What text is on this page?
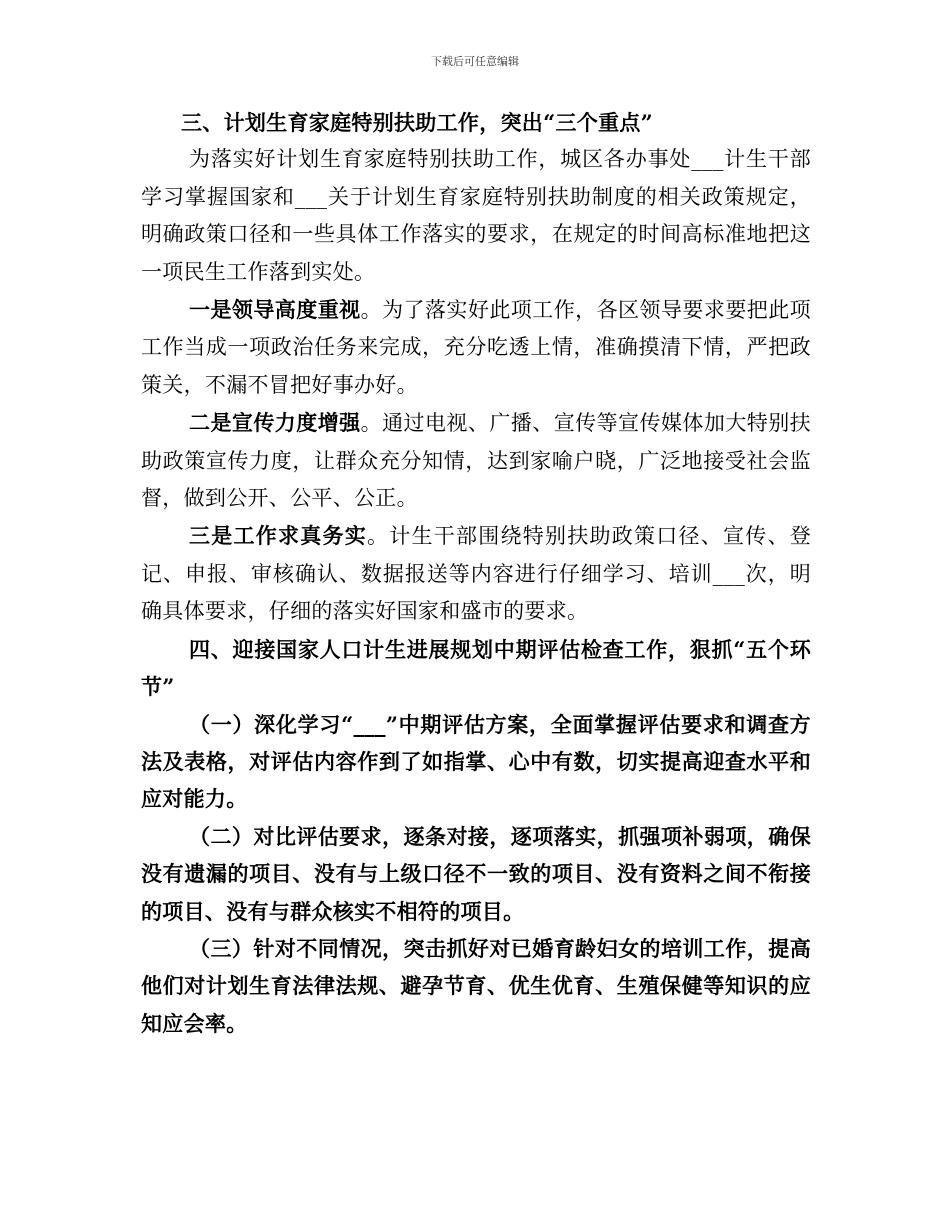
下载后可任意编辑

三、计划生育家庭特别扶助工作，突出“三个重点”

为落实好计划生育家庭特别扶助工作，城区各办事处___计生干部学习掌握国家和___关于计划生育家庭特别扶助制度的相关政策规定，明确政策口径和一些具体工作落实的要求，在规定的时间高标准地把这一项民生工作落到实处。

一是领导高度重视。为了落实好此项工作，各区领导要求要把此项工作当成一项政治任务来完成，充分吃透上情，准确摸清下情，严把政策关，不漏不冒把好事办好。

二是宣传力度增强。通过电视、广播、宣传等宣传媒体加大特别扶助政策宣传力度，让群众充分知情，达到家喻户晓，广泛地接受社会监督，做到公开、公平、公正。

三是工作求真务实。计生干部围绕特别扶助政策口径、宣传、登记、申报、审核确认、数据报送等内容进行仔细学习、培训___次，明确具体要求，仔细的落实好国家和盛市的要求。

四、迎接国家人口计生进展规划中期评估检查工作，狠抓“五个环节”

（一）深化学习“___”中期评估方案，全面掌握评估要求和调查方法及表格，对评估内容作到了如指掌、心中有数，切实提高迎查水平和应对能力。

（二）对比评估要求，逐条对接，逐项落实，抓强项补弱项，确保没有遗漏的项目、没有与上级口径不一致的项目、没有资料之间不衔接的项目、没有与群众核实不相符的项目。

（三）针对不同情况，突击抓好对已婚育龄妇女的培训工作，提高他们对计划生育法律法规、避孕节育、优生优育、生殖保健等知识的应知应会率。
